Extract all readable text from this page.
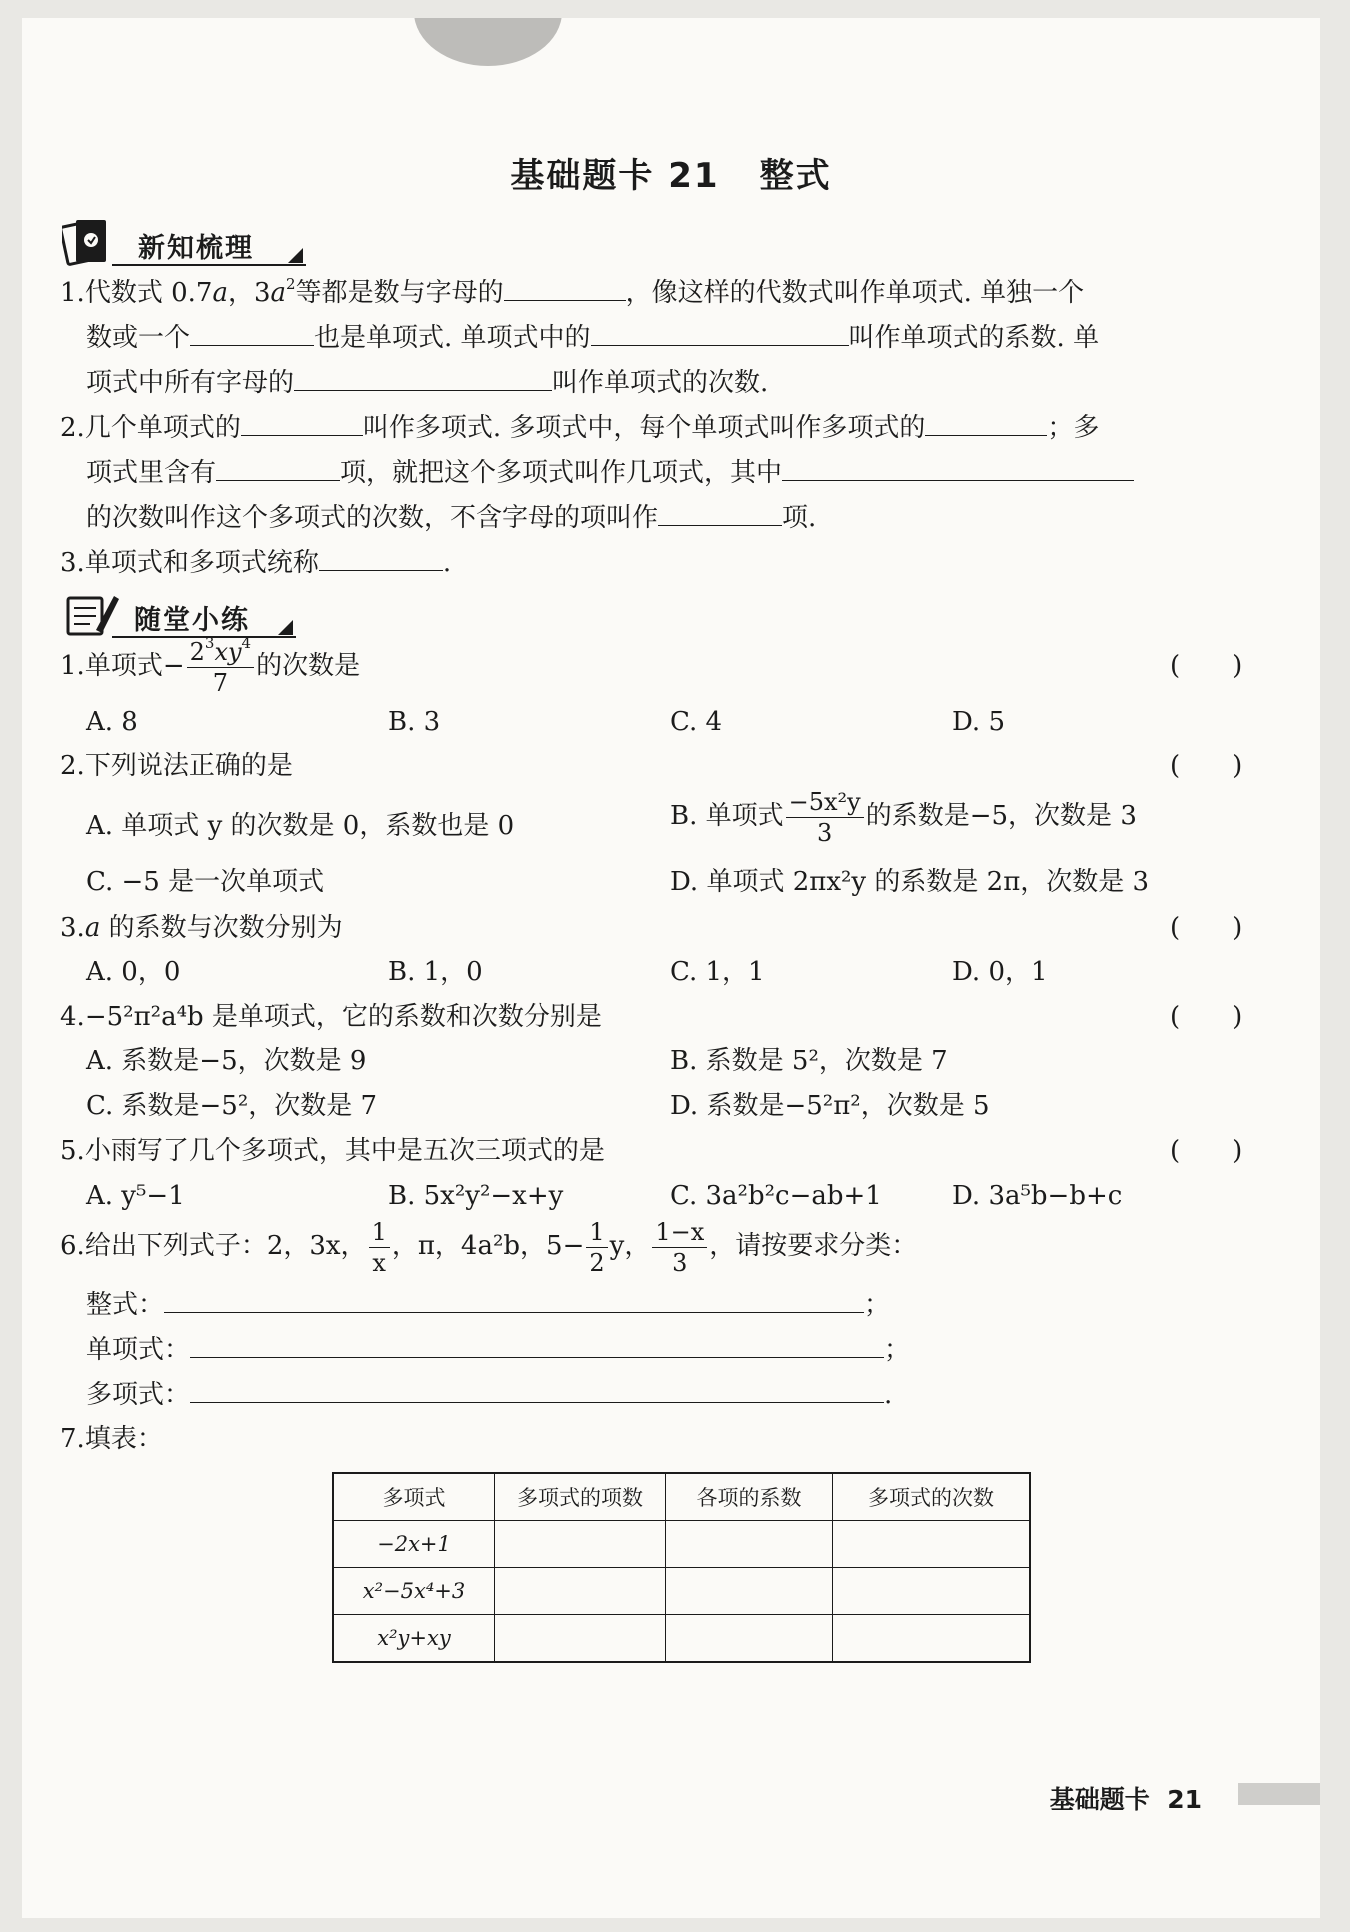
基础题卡 21 整式
新知梳理
1.代数式 0.7a，$3a^2$等都是数与字母的	，像这样的代数式叫作单项式. 单独一个
数或一个	也是单项式. 单项式中的	叫作单项式的系数. 单
项式中所有字母的	叫作单项式的次数.
2.几个单项式的	叫作多项式. 多项式中，每个单项式叫作多项式的	；多
项式里含有	项，就把这个多项式叫作几项式，其中
的次数叫作这个多项式的次数，不含字母的项叫作	项.
3.单项式和多项式统称	.
随堂小练
1.单项式− $\frac{2^3xy^4}{7}$ 的次数是	(　　)
A. 8	B. 3	C. 4	D. 5
2.下列说法正确的是	(　　)
A. 单项式 y 的次数是 0，系数也是 0	B. 单项式 $\frac{\text{−5x²y}}{3}$ 的系数是−5，次数是 3
C. −5 是一次单项式	D. 单项式 2πx²y 的系数是 2π，次数是 3
3.a 的系数与次数分别为	(　　)
A. 0，0	B. 1，0	C. 1，1	D. 0，1
4.−5²π²a⁴b 是单项式，它的系数和次数分别是	(　　)
A. 系数是−5，次数是 9	B. 系数是 5²，次数是 7
C. 系数是−5²，次数是 7	D. 系数是−5²π²，次数是 5
5.小雨写了几个多项式，其中是五次三项式的是	(　　)
A. y⁵−1	B. 5x²y²−x+y	C. 3a²b²c−ab+1	D. 3a⁵b−b+c
6.给出下列式子：2，3x， $\frac{1}{x}$ ，π，4a²b，$5- \frac{1}{2}$ y， $\frac{1-x}{3}$ ，请按要求分类：
整式：	；
单项式：	；
多项式：	.
7.填表：
多项式	多项式的项数	各项的系数	多项式的次数
−2x+1			
x²−5x⁴+3			
x²y+xy			
基础题卡 21
